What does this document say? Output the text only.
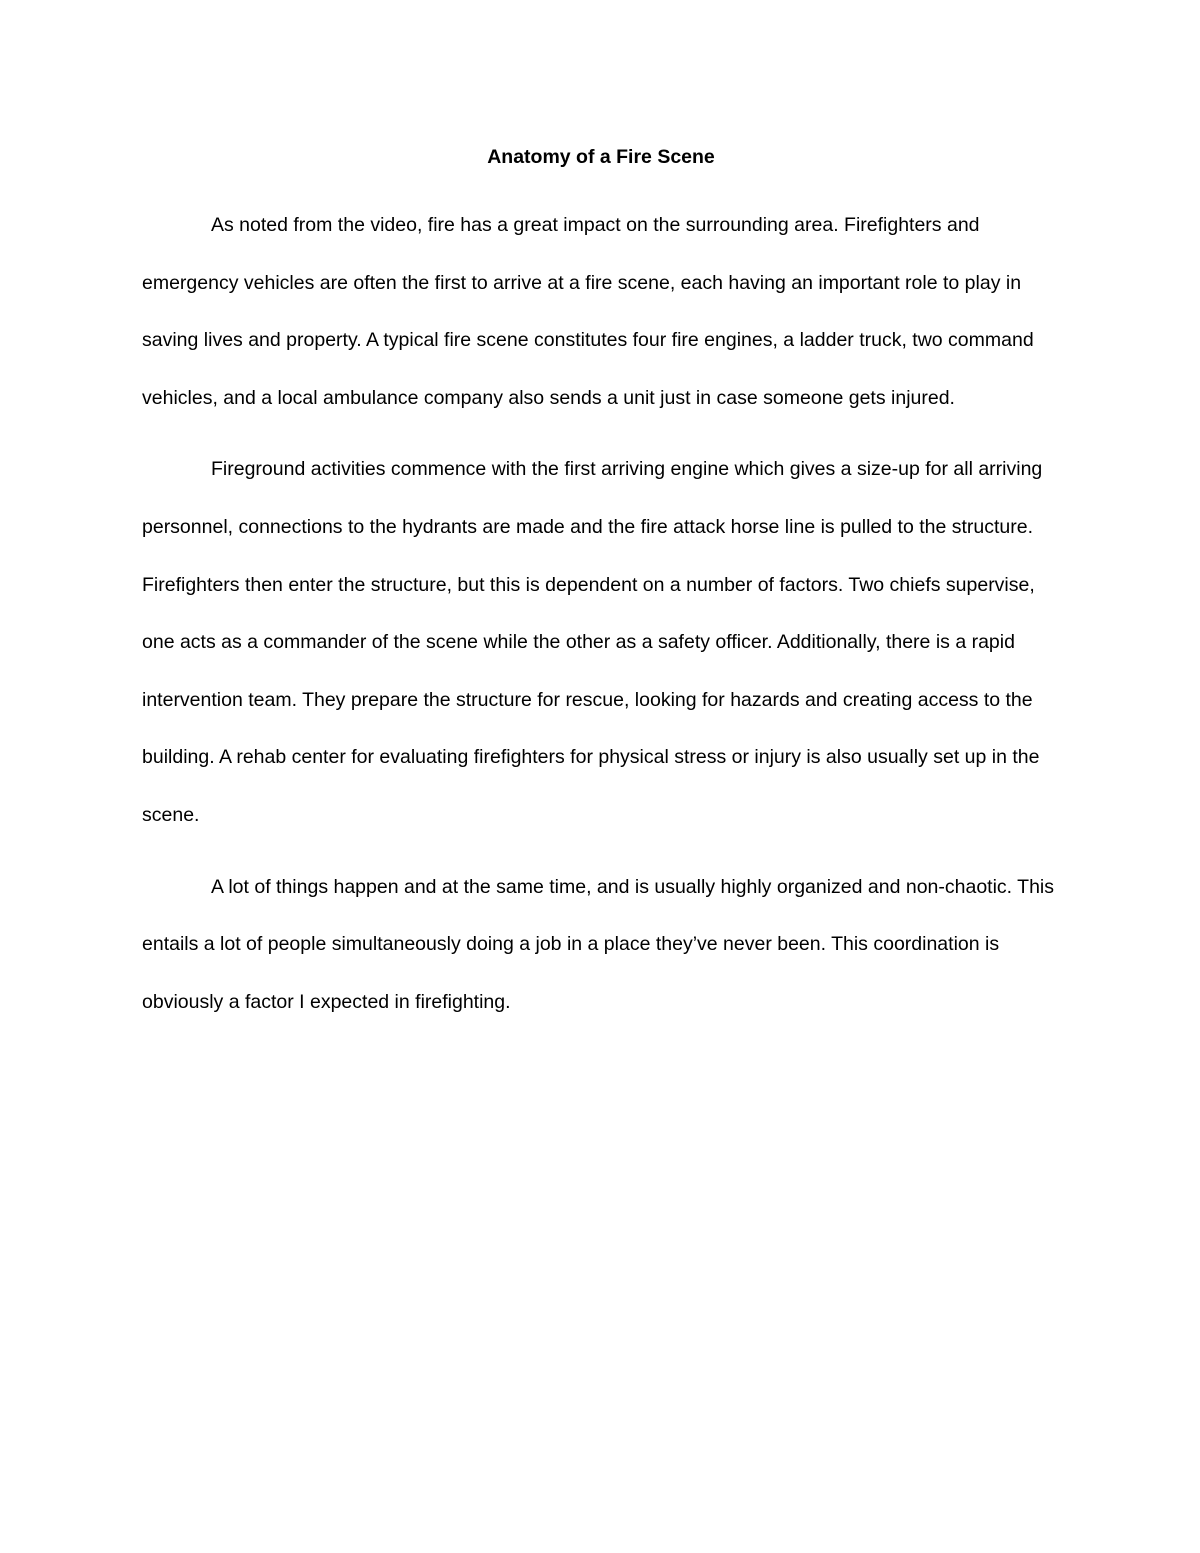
Anatomy of a Fire Scene

As noted from the video, fire has a great impact on the surrounding area. Firefighters and emergency vehicles are often the first to arrive at a fire scene, each having an important role to play in saving lives and property. A typical fire scene constitutes four fire engines, a ladder truck, two command vehicles, and a local ambulance company also sends a unit just in case someone gets injured.

Fireground activities commence with the first arriving engine which gives a size-up for all arriving personnel, connections to the hydrants are made and the fire attack horse line is pulled to the structure. Firefighters then enter the structure, but this is dependent on a number of factors. Two chiefs supervise, one acts as a commander of the scene while the other as a safety officer. Additionally, there is a rapid intervention team. They prepare the structure for rescue, looking for hazards and creating access to the building. A rehab center for evaluating firefighters for physical stress or injury is also usually set up in the scene.

A lot of things happen and at the same time, and is usually highly organized and non-chaotic. This entails a lot of people simultaneously doing a job in a place they’ve never been. This coordination is obviously a factor I expected in firefighting.
